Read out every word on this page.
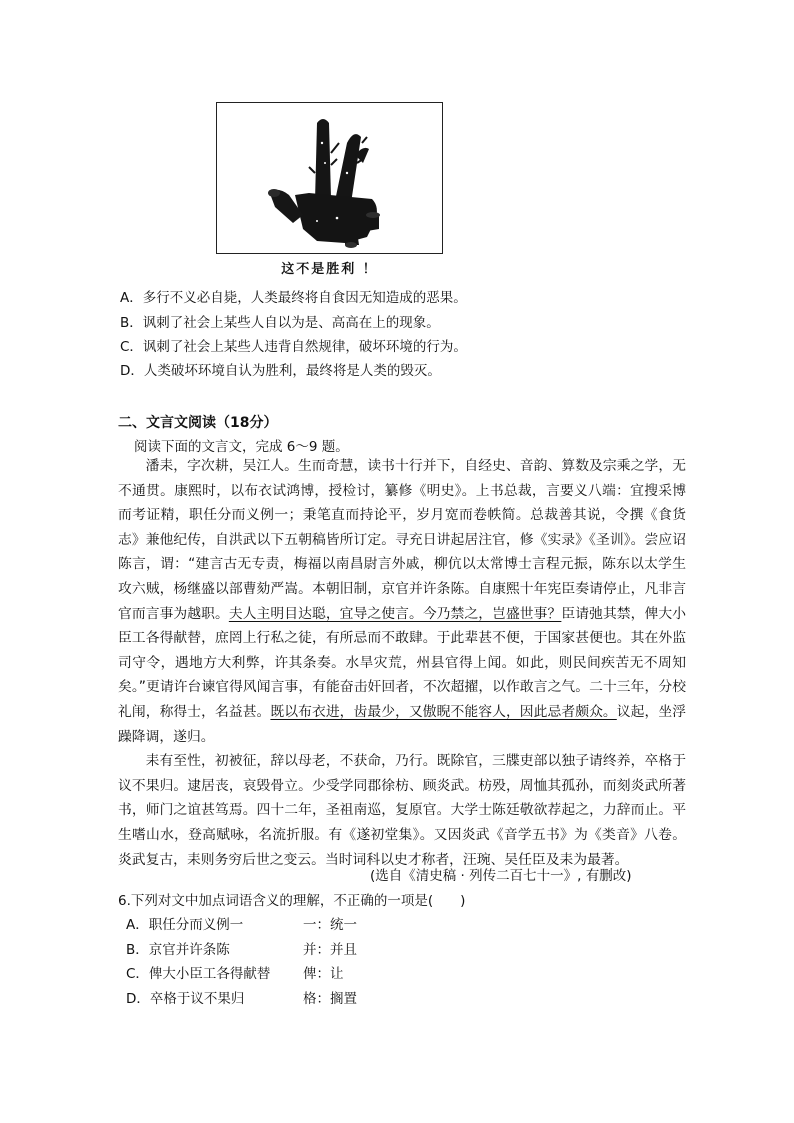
这不是胜利 ！
A．多行不义必自毙，人类最终将自食因无知造成的恶果。
B．讽刺了社会上某些人自以为是、高高在上的现象。
C．讽刺了社会上某些人违背自然规律，破坏环境的行为。
D．人类破坏环境自认为胜利，最终将是人类的毁灭。
二、文言文阅读（18分）
阅读下面的文言文，完成 6～9 题。

潘耒，字次耕，吴江人。生而奇慧，读书十行并下，自经史、音韵、算数及宗乘之学，无不通贯。康熙时，以布衣试鸿博，授检讨，纂修《明史》。上书总裁，言要义八端：宜搜采博而考证精，职任分而义例一；秉笔直而持论平，岁月宽而卷帙简。总裁善其说，令撰《食货志》兼他纪传，自洪武以下五朝稿皆所订定。寻充日讲起居注官，修《实录》《圣训》。尝应诏陈言，谓：“建言古无专责，梅福以南昌尉言外戚，柳伉以太常博士言程元振，陈东以太学生攻六贼，杨继盛以部曹劾严嵩。本朝旧制，京官并许条陈。自康熙十年宪臣奏请停止，凡非言官而言事为越职。夫人主明目达聪，宜导之使言。今乃禁之，岂盛世事？臣请弛其禁，俾大小臣工各得献替，庶罔上行私之徒，有所忌而不敢肆。于此辈甚不便，于国家甚便也。其在外监司守令，遇地方大利弊，许其条奏。水旱灾荒，州县官得上闻。如此，则民间疾苦无不周知矣。”更请许台谏官得风闻言事，有能奋击奸回者，不次超擢，以作敢言之气。二十三年，分校礼闱，称得士，名益甚。既以布衣进，齿最少，又傲睨不能容人，因此忌者颇众。议起，坐浮躁降调，遂归。

耒有至性，初被征，辞以母老，不获命，乃行。既除官，三牒吏部以独子请终养，卒格于议不果归。逮居丧，哀毁骨立。少受学同郡徐枋、顾炎武。枋殁，周恤其孤孙，而刻炎武所著书，师门之谊甚笃焉。四十二年，圣祖南巡，复原官。大学士陈廷敬欲荐起之，力辞而止。平生嗜山水，登高赋咏，名流折服。有《遂初堂集》。又因炎武《音学五书》为《类音》八卷。炎武复古，耒则务穷后世之变云。当时词科以史才称者，汪琬、吴任臣及耒为最著。

(选自《清史稿 · 列传二百七十一》, 有删改)
6.下列对文中加点词语含义的理解，不正确的一项是(　　)
A．职任分而义例一	一：统一
B．京官并许条陈	并：并且
C．俾大小臣工各得献替 俾：让
D．卒格于议不果归	格：搁置
